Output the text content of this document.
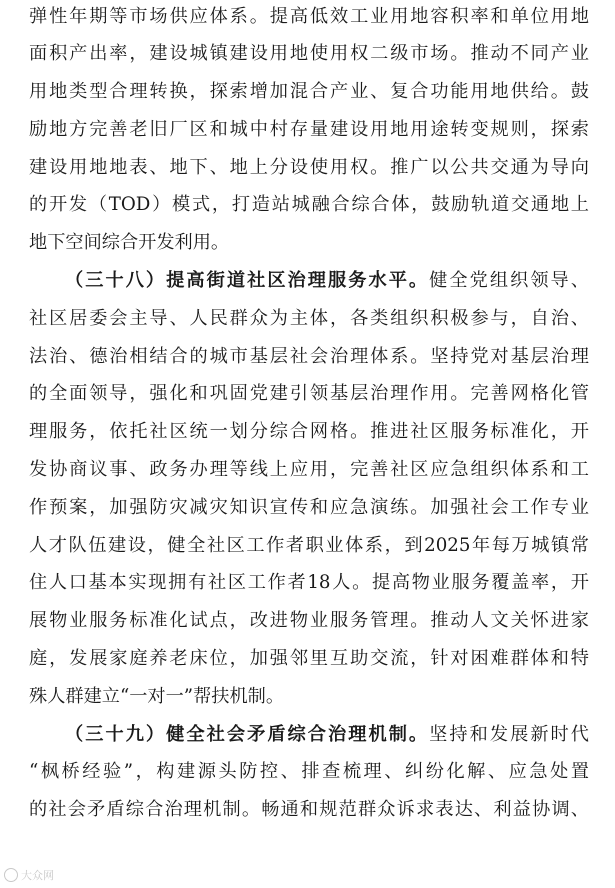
弹性年期等市场供应体系。提高低效工业用地容积率和单位用地
面积产出率，建设城镇建设用地使用权二级市场。推动不同产业
用地类型合理转换，探索增加混合产业、复合功能用地供给。鼓
励地方完善老旧厂区和城中村存量建设用地用途转变规则，探索
建设用地地表、地下、地上分设使用权。推广以公共交通为导向
的开发（TOD）模式，打造站城融合综合体，鼓励轨道交通地上
地下空间综合开发利用。
（三十八）提高街道社区治理服务水平。健全党组织领导、
社区居委会主导、人民群众为主体，各类组织积极参与，自治、
法治、德治相结合的城市基层社会治理体系。坚持党对基层治理
的全面领导，强化和巩固党建引领基层治理作用。完善网格化管
理服务，依托社区统一划分综合网格。推进社区服务标准化，开
发协商议事、政务办理等线上应用，完善社区应急组织体系和工
作预案，加强防灾减灾知识宣传和应急演练。加强社会工作专业
人才队伍建设，健全社区工作者职业体系，到2025年每万城镇常
住人口基本实现拥有社区工作者18人。提高物业服务覆盖率，开
展物业服务标准化试点，改进物业服务管理。推动人文关怀进家
庭，发展家庭养老床位，加强邻里互助交流，针对困难群体和特
殊人群建立“一对一”帮扶机制。
（三十九）健全社会矛盾综合治理机制。坚持和发展新时代
“枫桥经验”，构建源头防控、排查梳理、纠纷化解、应急处置
的社会矛盾综合治理机制。畅通和规范群众诉求表达、利益协调、
大众网
